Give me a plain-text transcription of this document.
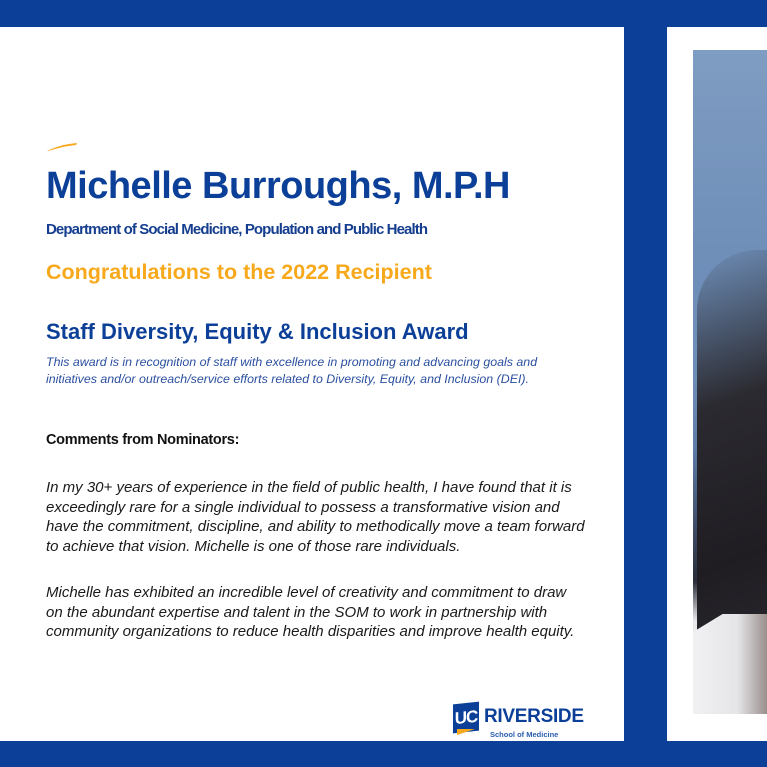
Michelle Burroughs, M.P.H
Department of Social Medicine, Population and Public Health
Congratulations to the 2022 Recipient
Staff Diversity, Equity & Inclusion Award
This award is in recognition of staff with excellence in promoting and advancing goals and initiatives and/or outreach/service efforts related to Diversity, Equity, and Inclusion (DEI).
Comments from Nominators:
In my 30+ years of experience in the field of public health, I have found that it is exceedingly rare for a single individual to possess a transformative vision and have the commitment, discipline, and ability to methodically move a team forward to achieve that vision. Michelle is one of those rare individuals.
Michelle has exhibited an incredible level of creativity and commitment to draw on the abundant expertise and talent in the SOM to work in partnership with community organizations to reduce health disparities and improve health equity.
UC RIVERSIDE
School of Medicine
